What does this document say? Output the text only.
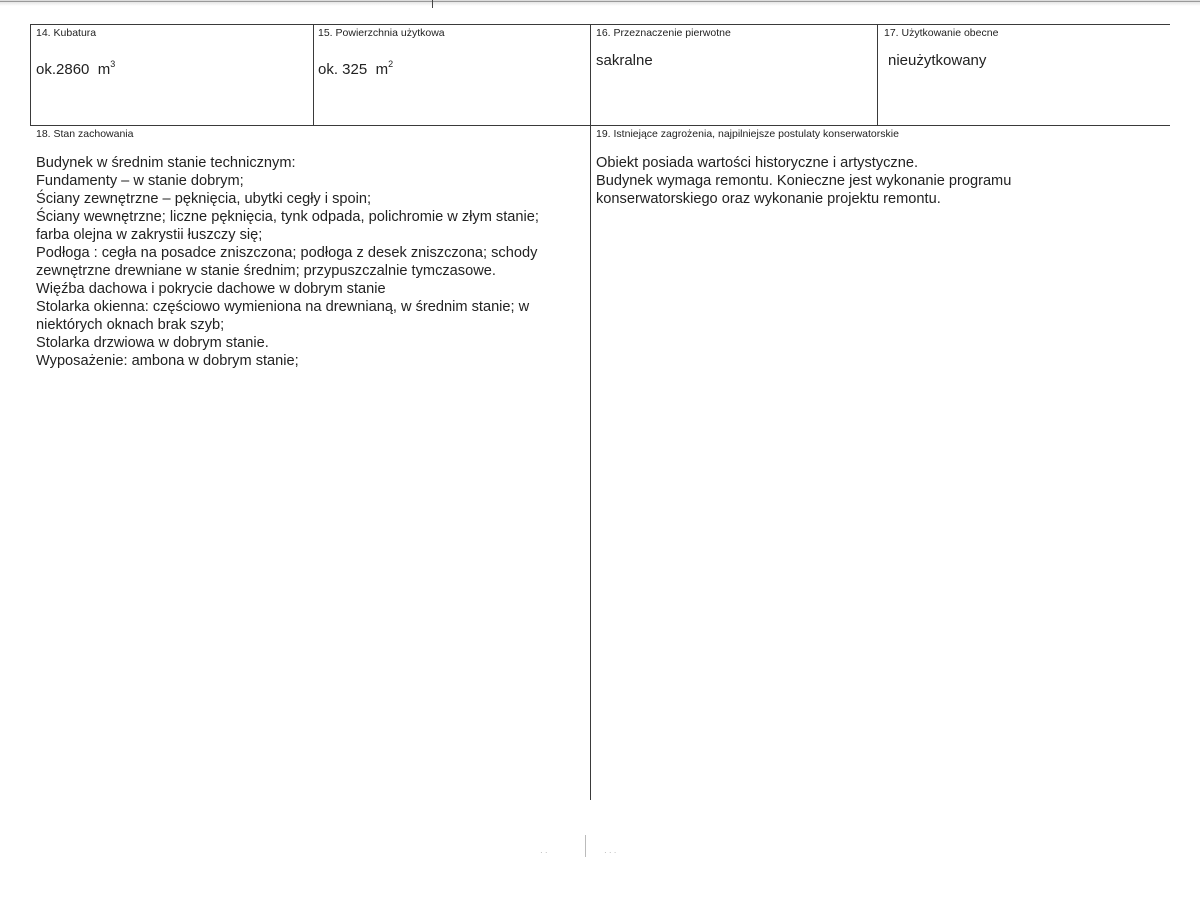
14. Kubatura
ok.2860 $m^3$
15. Powierzchnia użytkowa
ok. 325 $m^2$
16. Przeznaczenie pierwotne
sakralne
17. Użytkowanie obecne
nieużytkowany
18. Stan zachowania
Budynek w średnim stanie technicznym:
Fundamenty – w stanie dobrym;
Ściany zewnętrzne – pęknięcia, ubytki cegły i spoin;
Ściany wewnętrzne; liczne pęknięcia, tynk odpada, polichromie w złym stanie;
farba olejna w zakrystii łuszczy się;
Podłoga : cegła na posadce zniszczona; podłoga z desek zniszczona; schody
zewnętrzne drewniane w stanie średnim; przypuszczalnie tymczasowe.
Więźba dachowa i pokrycie dachowe w dobrym stanie
Stolarka okienna: częściowo wymieniona na drewnianą, w średnim stanie; w
niektórych oknach brak szyb;
Stolarka drzwiowa w dobrym stanie.
Wyposażenie: ambona w dobrym stanie;
19. Istniejące zagrożenia, najpilniejsze postulaty konserwatorskie
Obiekt posiada wartości historyczne i artystyczne.
Budynek wymaga remontu. Konieczne jest wykonanie programu
konserwatorskiego oraz wykonanie projektu remontu.
· ·	· · ·
